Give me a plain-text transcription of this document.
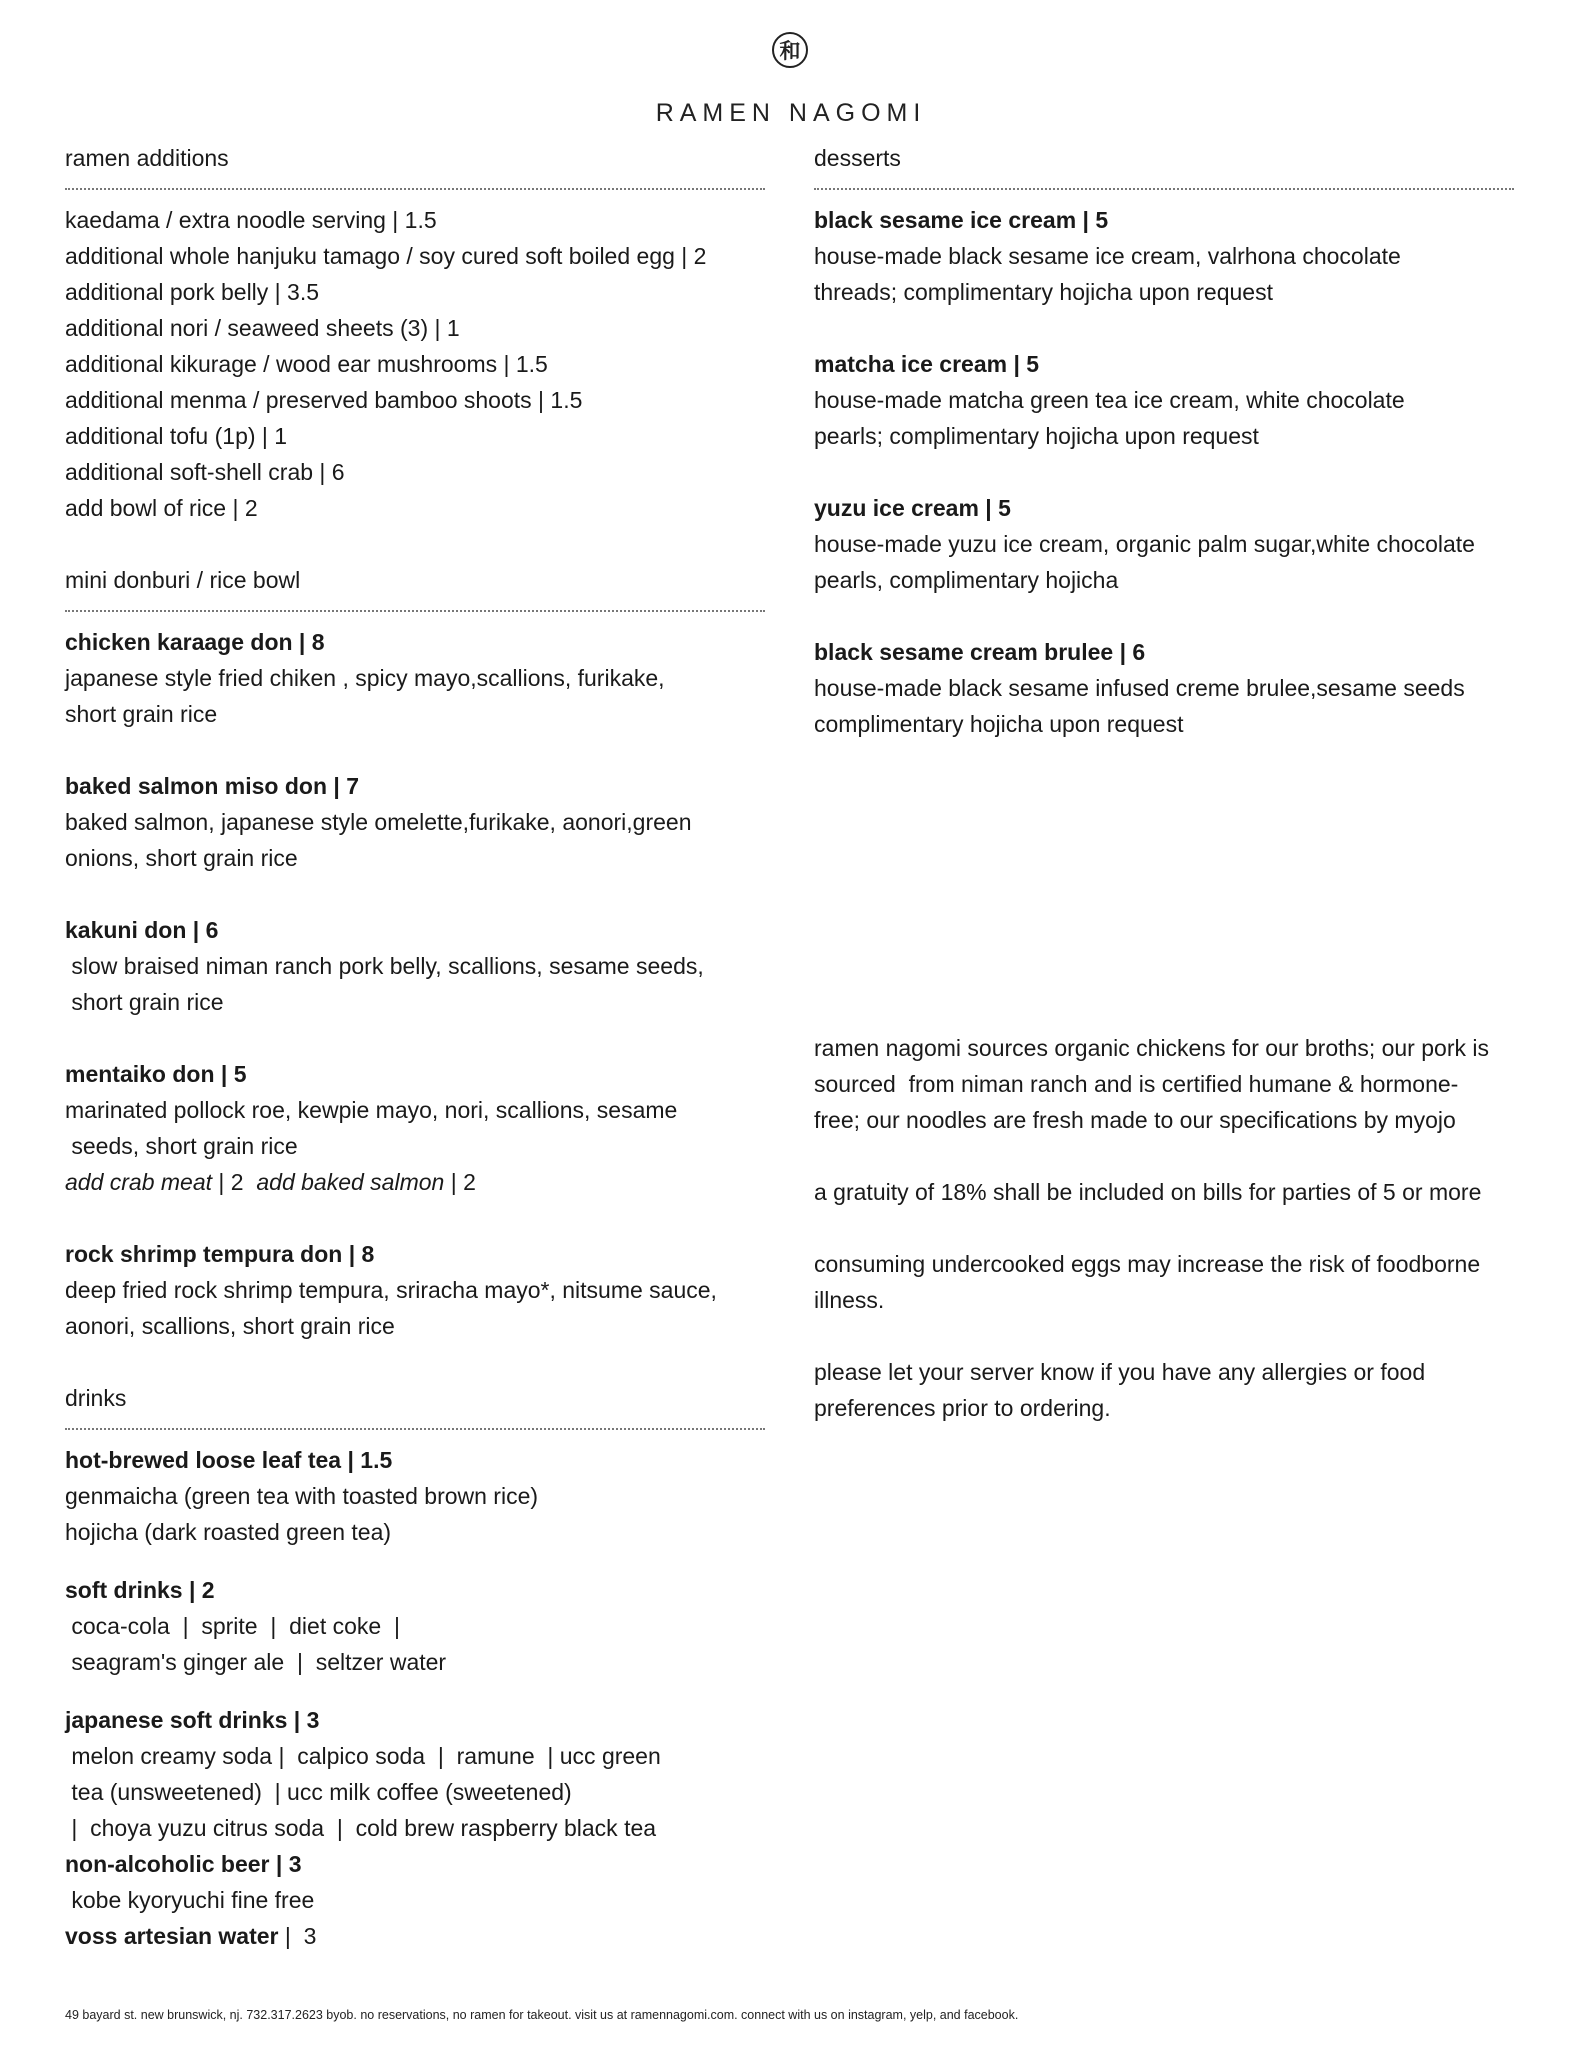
和
RAMEN NAGOMI
ramen additions
kaedama / extra noodle serving | 1.5
additional whole hanjuku tamago / soy cured soft boiled egg | 2
additional pork belly | 3.5
additional nori / seaweed sheets (3) | 1
additional kikurage / wood ear mushrooms | 1.5
additional menma / preserved bamboo shoots | 1.5
additional tofu (1p) | 1
additional soft-shell crab | 6
add bowl of rice | 2
mini donburi / rice bowl
chicken karaage don | 8
japanese style fried chiken , spicy mayo,scallions, furikake,
short grain rice
baked salmon miso don | 7
baked salmon, japanese style omelette,furikake, aonori,green
onions, short grain rice
kakuni don | 6
slow braised niman ranch pork belly, scallions, sesame seeds,
short grain rice
mentaiko don | 5
marinated pollock roe, kewpie mayo, nori, scallions, sesame
seeds, short grain rice
add crab meat | 2  add baked salmon | 2
rock shrimp tempura don | 8
deep fried rock shrimp tempura, sriracha mayo*, nitsume sauce,
aonori, scallions, short grain rice
drinks
hot-brewed loose leaf tea | 1.5
genmaicha (green tea with toasted brown rice)
hojicha (dark roasted green tea)
soft drinks | 2
coca-cola  |  sprite  |  diet coke  |
seagram's ginger ale  |  seltzer water
japanese soft drinks | 3
melon creamy soda |  calpico soda  |  ramune  | ucc green
tea (unsweetened)  | ucc milk coffee (sweetened)
|  choya yuzu citrus soda  |  cold brew raspberry black tea
non-alcoholic beer | 3
kobe kyoryuchi fine free
voss artesian water |  3
desserts
black sesame ice cream | 5
house-made black sesame ice cream, valrhona chocolate
threads; complimentary hojicha upon request
matcha ice cream | 5
house-made matcha green tea ice cream, white chocolate
pearls; complimentary hojicha upon request
yuzu ice cream | 5
house-made yuzu ice cream, organic palm sugar,white chocolate
pearls, complimentary hojicha
black sesame cream brulee | 6
house-made black sesame infused creme brulee,sesame seeds
complimentary hojicha upon request
ramen nagomi sources organic chickens for our broths; our pork is
sourced  from niman ranch and is certified humane & hormone-
free; our noodles are fresh made to our specifications by myojo
a gratuity of 18% shall be included on bills for parties of 5 or more
consuming undercooked eggs may increase the risk of foodborne
illness.
please let your server know if you have any allergies or food
preferences prior to ordering.
49 bayard st. new brunswick, nj. 732.317.2623 byob. no reservations, no ramen for takeout. visit us at ramennagomi.com. connect with us on instagram, yelp, and facebook.
